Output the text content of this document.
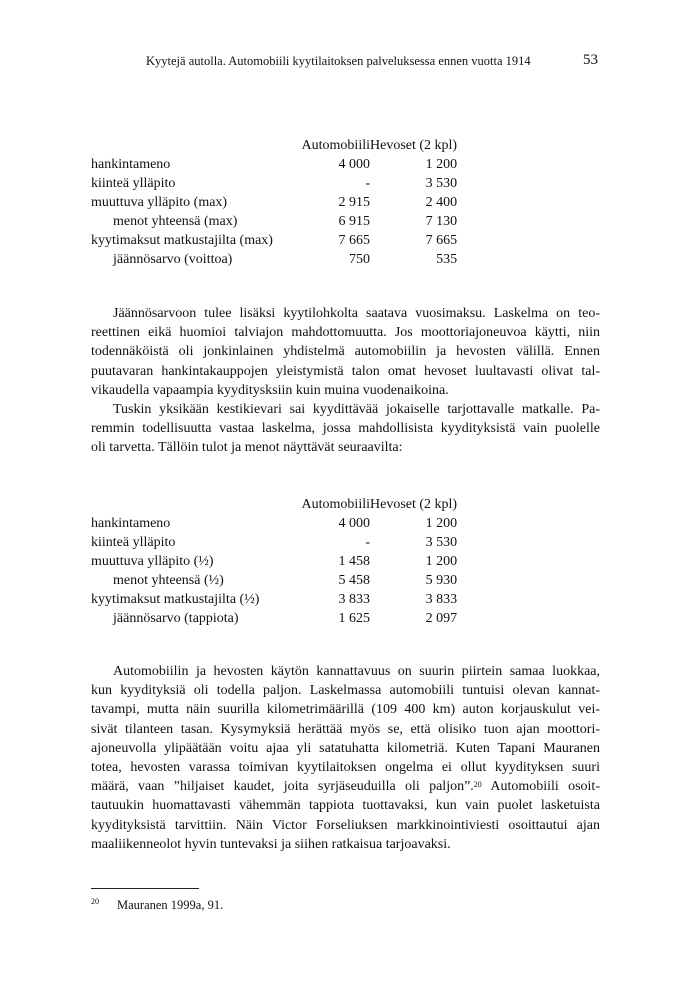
Kyytejä autolla. Automobiili kyytilaitoksen palveluksessa ennen vuotta 1914	53
	Automobiili	Hevoset (2 kpl)
hankintameno	4 000	1 200
kiinteä ylläpito	-	3 530
muuttuva ylläpito (max)	2 915	2 400
menot yhteensä (max)	6 915	7 130
kyytimaksut matkustajilta (max)	7 665	7 665
jäännösarvo (voittoa)	750	535
Jäännösarvoon tulee lisäksi kyytilohkolta saatava vuosimaksu. Laskelma on teo-
reettinen eikä huomioi talviajon mahdottomuutta. Jos moottoriajoneuvoa käytti, niin
todennäköistä oli jonkinlainen yhdistelmä automobiilin ja hevosten välillä. Ennen
puutavaran hankintakauppojen yleistymistä talon omat hevoset luultavasti olivat tal-
vikaudella vapaampia kyyditysksiin kuin muina vuodenaikoina.
Tuskin yksikään kestikievari sai kyydittävää jokaiselle tarjottavalle matkalle. Pa-
remmin todellisuutta vastaa laskelma, jossa mahdollisista kyydityksistä vain puolelle
oli tarvetta. Tällöin tulot ja menot näyttävät seuraavilta:
	Automobiili	Hevoset (2 kpl)
hankintameno	4 000	1 200
kiinteä ylläpito	-	3 530
muuttuva ylläpito (½)	1 458	1 200
menot yhteensä (½)	5 458	5 930
kyytimaksut matkustajilta (½)	3 833	3 833
jäännösarvo (tappiota)	1 625	2 097
Automobiilin ja hevosten käytön kannattavuus on suurin piirtein samaa luokkaa,
kun kyydityksiä oli todella paljon. Laskelmassa automobiili tuntuisi olevan kannat-
tavampi, mutta näin suurilla kilometrimäärillä (109 400 km) auton korjauskulut vei-
sivät tilanteen tasan. Kysymyksiä herättää myös se, että olisiko tuon ajan moottori-
ajoneuvolla ylipäätään voitu ajaa yli satatuhatta kilometriä. Kuten Tapani Mauranen
totea, hevosten varassa toimivan kyytilaitoksen ongelma ei ollut kyydityksen suuri
määrä, vaan ”hiljaiset kaudet, joita syrjäseuduilla oli paljon”.$^{20}$ Automobiili osoit-
tautuukin huomattavasti vähemmän tappiota tuottavaksi, kun vain puolet lasketuista
kyydityksistä tarvittiin. Näin Victor Forseliuksen markkinointiviesti osoittautui ajan
maaliikenneolot hyvin tuntevaksi ja siihen ratkaisua tarjoavaksi.
$^{20}$ Mauranen 1999a, 91.
